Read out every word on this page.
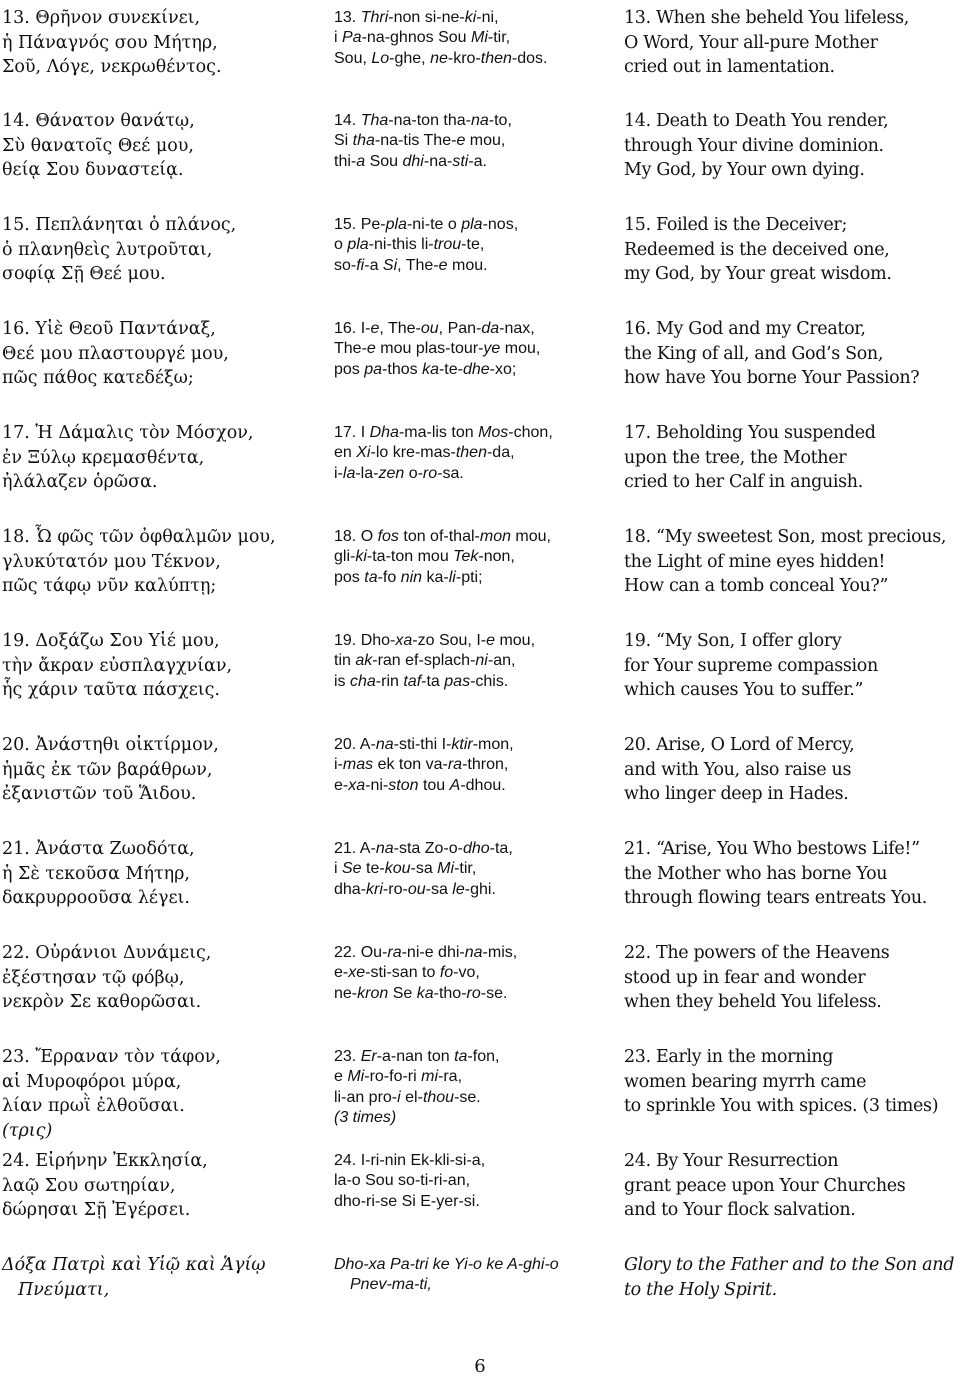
6
13. Θρῆνον συνεκίνει,
ἡ Πάναγνός σου Μήτηρ,
Σοῦ, Λόγε, νεκρωθέντος.
13. Thri-non si-ne-ki-ni,
i Pa-na-ghnos Sou Mi-tir,
Sou, Lo-ghe, ne-kro-then-dos.
13. When she beheld You lifeless,
O Word, Your all-pure Mother
cried out in lamentation.
14. Θάνατον θανάτῳ,
Σὺ θανατοῖς Θεέ μου,
θείᾳ Σου δυναστείᾳ.
14. Tha-na-ton tha-na-to,
Si tha-na-tis The-e mou,
thi-a Sou dhi-na-sti-a.
14. Death to Death You render,
through Your divine dominion.
My God, by Your own dying.
15. Πεπλάνηται ὁ πλάνος,
ὁ πλανηθεὶς λυτροῦται,
σοφίᾳ Σῇ Θεέ μου.
15. Pe-pla-ni-te o pla-nos,
o pla-ni-this li-trou-te,
so-fi-a Si, The-e mou.
15. Foiled is the Deceiver;
Redeemed is the deceived one,
my God, by Your great wisdom.
16. Υἱὲ Θεοῦ Παντάναξ,
Θεέ μου πλαστουργέ μου,
πῶς πάθος κατεδέξω;
16. I-e, The-ou, Pan-da-nax,
The-e mou plas-tour-ye mou,
pos pa-thos ka-te-dhe-xo;
16. My God and my Creator,
the King of all, and God’s Son,
how have You borne Your Passion?
17. Ἡ Δάμαλις τὸν Μόσχον,
ἐν Ξύλῳ κρεμασθέντα,
ἠλάλαζεν ὁρῶσα.
17. I Dha-ma-lis ton Mos-chon,
en Xi-lo kre-mas-then-da,
i-la-la-zen o-ro-sa.
17. Beholding You suspended
upon the tree, the Mother
cried to her Calf in anguish.
18. Ὦ φῶς τῶν ὀφθαλμῶν μου,
γλυκύτατόν μου Τέκνον,
πῶς τάφῳ νῦν καλύπτῃ;
18. O fos ton of-thal-mon mou,
gli-ki-ta-ton mou Tek-non,
pos ta-fo nin ka-li-pti;
18. “My sweetest Son, most precious,
the Light of mine eyes hidden!
How can a tomb conceal You?”
19. Δοξάζω Σου Υἱέ μου,
τὴν ἄκραν εὐσπλαγχνίαν,
ἧς χάριν ταῦτα πάσχεις.
19. Dho-xa-zo Sou, I-e mou,
tin ak-ran ef-splach-ni-an,
is cha-rin taf-ta pas-chis.
19. “My Son, I offer glory
for Your supreme compassion
which causes You to suffer.”
20. Ἀνάστηθι οἰκτίρμον,
ἡμᾶς ἐκ τῶν βαράθρων,
ἐξανιστῶν τοῦ Ἅιδου.
20. A-na-sti-thi I-ktir-mon,
i-mas ek ton va-ra-thron,
e-xa-ni-ston tou A-dhou.
20. Arise, O Lord of Mercy,
and with You, also raise us
who linger deep in Hades.
21. Ἀνάστα Ζωοδότα,
ἡ Σὲ τεκοῦσα Μήτηρ,
δακρυρροοῦσα λέγει.
21. A-na-sta Zo-o-dho-ta,
i Se te-kou-sa Mi-tir,
dha-kri-ro-ou-sa le-ghi.
21. “Arise, You Who bestows Life!”
the Mother who has borne You
through flowing tears entreats You.
22. Οὐράνιοι Δυνάμεις,
ἐξέστησαν τῷ φόβῳ,
νεκρὸν Σε καθορῶσαι.
22. Ou-ra-ni-e dhi-na-mis,
e-xe-sti-san to fo-vo,
ne-kron Se ka-tho-ro-se.
22. The powers of the Heavens
stood up in fear and wonder
when they beheld You lifeless.
23. Ἔρραναν τὸν τάφον,
αἱ Μυροφόροι μύρα,
λίαν πρωῒ ἐλθοῦσαι.
(τρις)
23. Er-a-nan ton ta-fon,
e Mi-ro-fo-ri mi-ra,
li-an pro-i el-thou-se.
(3 times)
23. Early in the morning
women bearing myrrh came
to sprinkle You with spices. (3 times)
24. Εἰρήνην Ἐκκλησία,
λαῷ Σου σωτηρίαν,
δώρησαι Σῇ Ἐγέρσει.
24. I-ri-nin Ek-kli-si-a,
la-o Sou so-ti-ri-an,
dho-ri-se Si E-yer-si.
24. By Your Resurrection
grant peace upon Your Churches
and to Your flock salvation.
Δόξα Πατρὶ καὶ Υἱῷ καὶ Ἁγίῳ
Πνεύματι,
Dho-xa Pa-tri ke Yi-o ke A-ghi-o
Pnev-ma-ti,
Glory to the Father and to the Son and
to the Holy Spirit.
